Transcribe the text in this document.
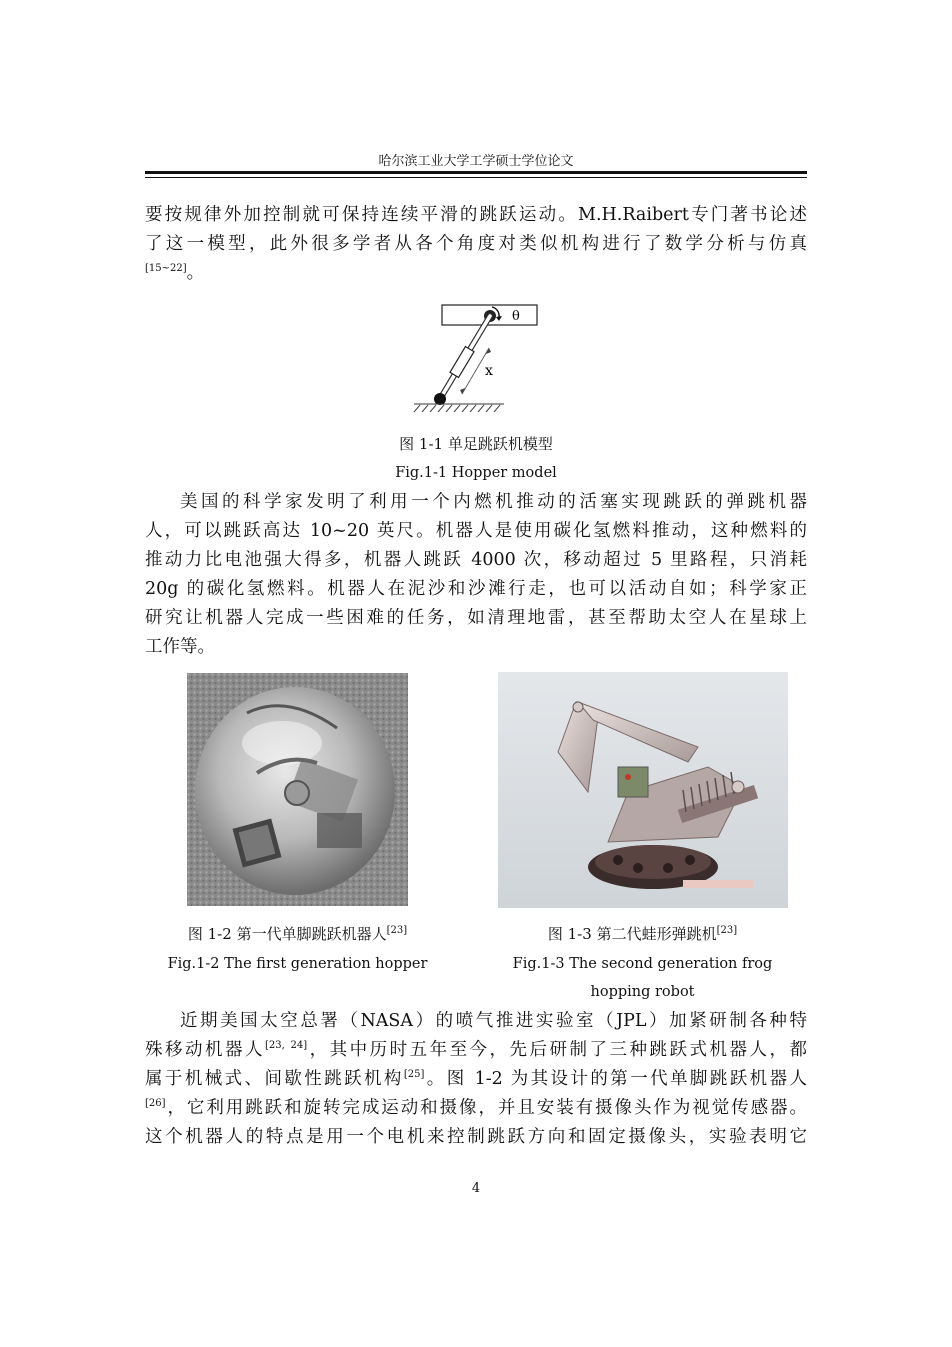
哈尔滨工业大学工学硕士学位论文
要按规律外加控制就可保持连续平滑的跳跃运动。M.H.Raibert专门著书论述
了这一模型，此外很多学者从各个角度对类似机构进行了数学分析与仿真
[15~22]。
θ
x
图 1-1 单足跳跃机模型
Fig.1-1 Hopper model
美国的科学家发明了利用一个内燃机推动的活塞实现跳跃的弹跳机器
人，可以跳跃高达 10~20 英尺。机器人是使用碳化氢燃料推动，这种燃料的
推动力比电池强大得多，机器人跳跃 4000 次，移动超过 5 里路程，只消耗
20g 的碳化氢燃料。机器人在泥沙和沙滩行走，也可以活动自如；科学家正
研究让机器人完成一些困难的任务，如清理地雷，甚至帮助太空人在星球上
工作等。
图 1-2 第一代单脚跳跃机器人[23]
Fig.1-2 The first generation hopper
图 1-3 第二代蛙形弹跳机[23]
Fig.1-3 The second generation frog
hopping robot
近期美国太空总署（NASA）的喷气推进实验室（JPL）加紧研制各种特
殊移动机器人[23, 24]，其中历时五年至今，先后研制了三种跳跃式机器人，都
属于机械式、间歇性跳跃机构[25]。图 1-2 为其设计的第一代单脚跳跃机器人
[26]，它利用跳跃和旋转完成运动和摄像，并且安装有摄像头作为视觉传感器。
这个机器人的特点是用一个电机来控制跳跃方向和固定摄像头，实验表明它
4
